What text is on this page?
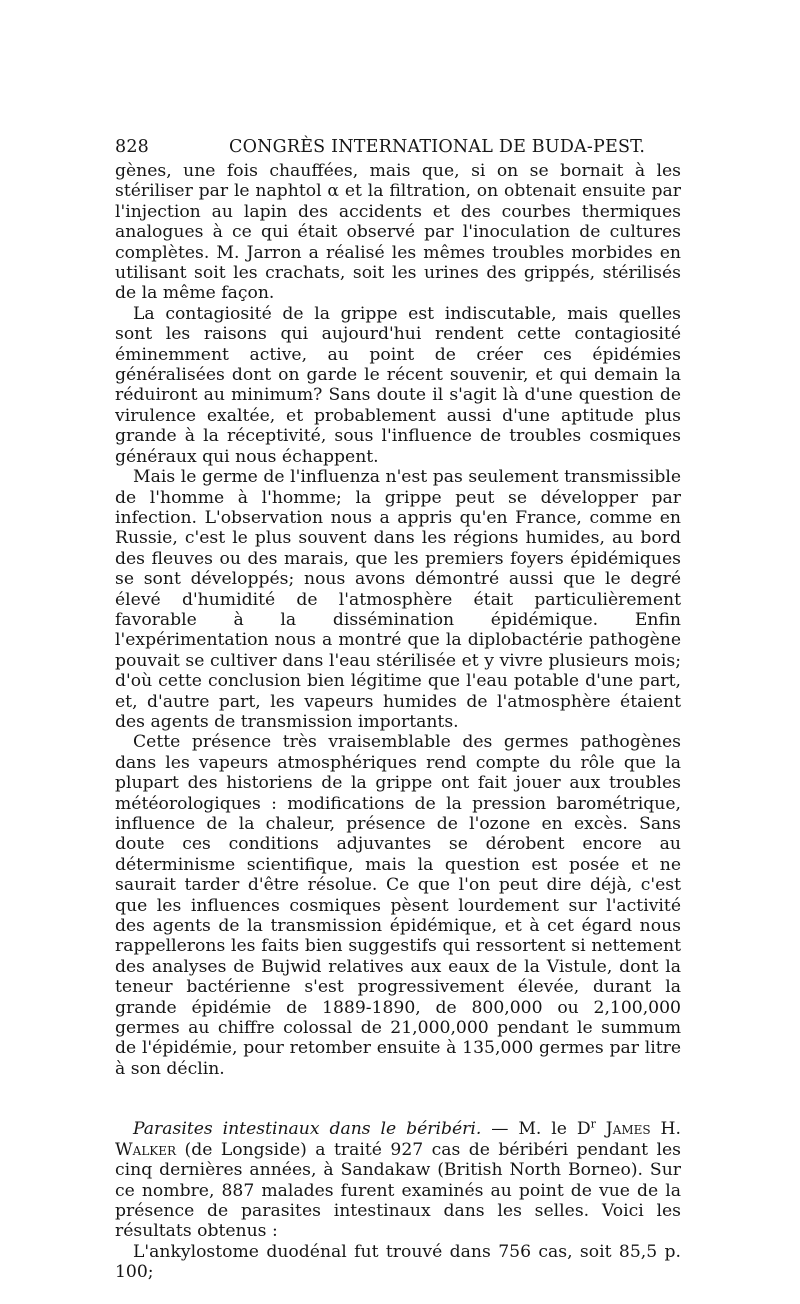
828	CONGRÈS INTERNATIONAL DE BUDA-PEST.

gènes, une fois chauffées, mais que, si on se bornait à les stériliser par le naphtol α et la filtration, on obtenait ensuite par l'injection au lapin des accidents et des courbes thermiques analogues à ce qui était observé par l'inoculation de cultures complètes. M. Jarron a réalisé les mêmes troubles morbides en utilisant soit les crachats, soit les urines des grippés, stérilisés de la même façon.

La contagiosité de la grippe est indiscutable, mais quelles sont les raisons qui aujourd'hui rendent cette contagiosité éminemment active, au point de créer ces épidémies généralisées dont on garde le récent souvenir, et qui demain la réduiront au minimum? Sans doute il s'agit là d'une question de virulence exaltée, et probablement aussi d'une aptitude plus grande à la réceptivité, sous l'influence de troubles cosmiques généraux qui nous échappent.

Mais le germe de l'influenza n'est pas seulement transmissible de l'homme à l'homme; la grippe peut se développer par infection. L'observation nous a appris qu'en France, comme en Russie, c'est le plus souvent dans les régions humides, au bord des fleuves ou des marais, que les premiers foyers épidémiques se sont développés; nous avons démontré aussi que le degré élevé d'humidité de l'atmosphère était particulièrement favorable à la dissémination épidémique. Enfin l'expérimentation nous a montré que la diplobactérie pathogène pouvait se cultiver dans l'eau stérilisée et y vivre plusieurs mois; d'où cette conclusion bien légitime que l'eau potable d'une part, et, d'autre part, les vapeurs humides de l'atmosphère étaient des agents de transmission importants.

Cette présence très vraisemblable des germes pathogènes dans les vapeurs atmosphériques rend compte du rôle que la plupart des historiens de la grippe ont fait jouer aux troubles météorologiques : modifications de la pression barométrique, influence de la chaleur, présence de l'ozone en excès. Sans doute ces conditions adjuvantes se dérobent encore au déterminisme scientifique, mais la question est posée et ne saurait tarder d'être résolue. Ce que l'on peut dire déjà, c'est que les influences cosmiques pèsent lourdement sur l'activité des agents de la transmission épidémique, et à cet égard nous rappellerons les faits bien suggestifs qui ressortent si nettement des analyses de Bujwid relatives aux eaux de la Vistule, dont la teneur bactérienne s'est progressivement élevée, durant la grande épidémie de 1889-1890, de 800,000 ou 2,100,000 germes au chiffre colossal de 21,000,000 pendant le summum de l'épidémie, pour retomber ensuite à 135,000 germes par litre à son déclin.

Parasites intestinaux dans le béribéri. — M. le $D^r$ James H. Walker (de Longside) a traité 927 cas de béribéri pendant les cinq dernières années, à Sandakaw (British North Borneo). Sur ce nombre, 887 malades furent examinés au point de vue de la présence de parasites intestinaux dans les selles. Voici les résultats obtenus :

L'ankylostome duodénal fut trouvé dans 756 cas, soit 85,5 p. 100;
